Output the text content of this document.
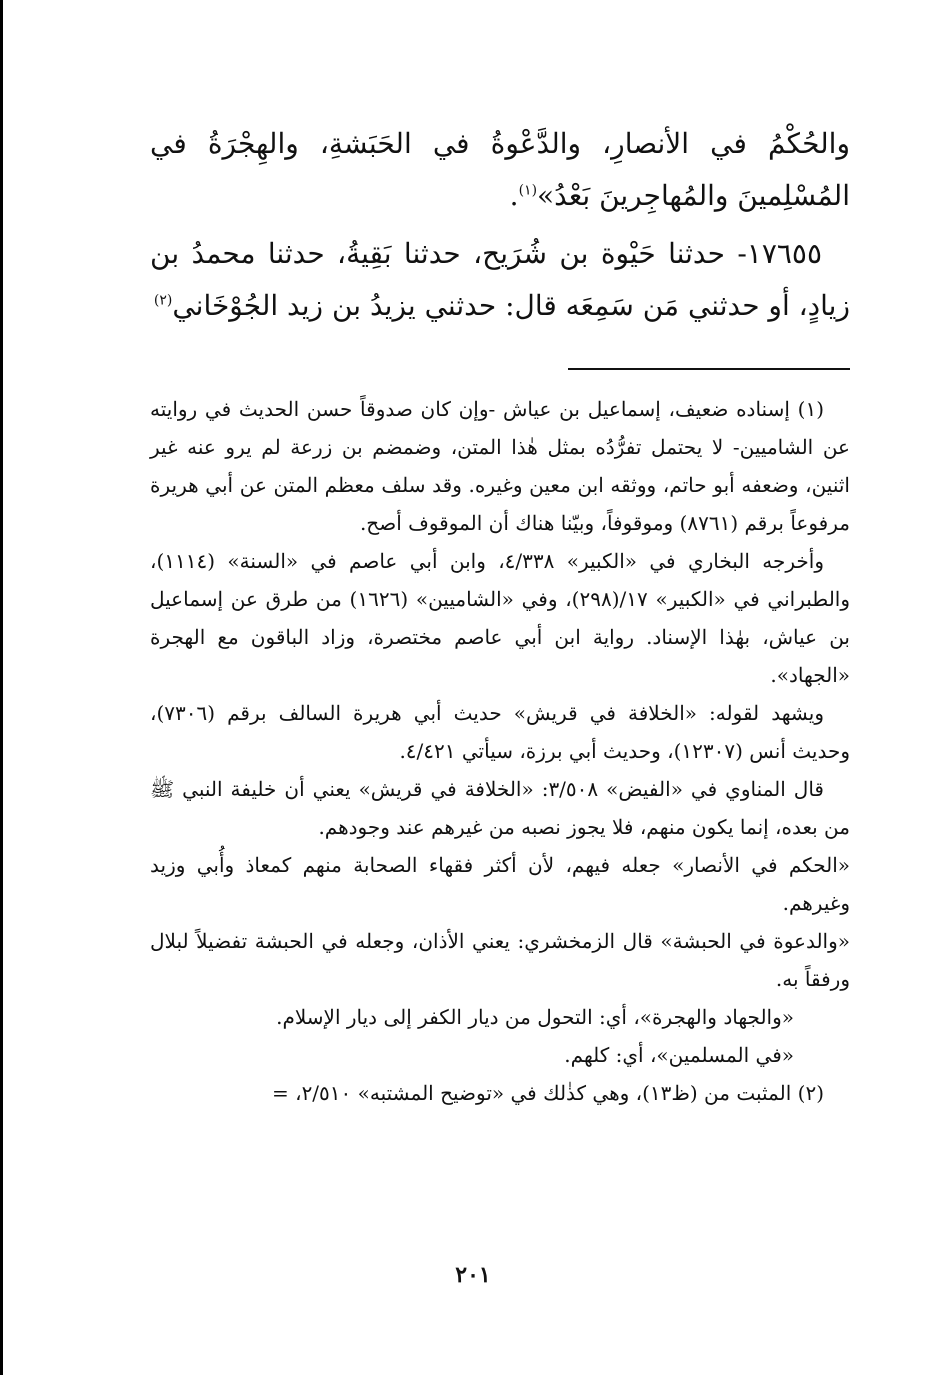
والحُكْمُ في الأنصارِ، والدَّعْوةُ في الحَبَشةِ، والهِجْرَةُ في المُسْلِمينَ والمُهاجِرينَ بَعْدُ»$^{(١)}$.

١٧٦٥٥- حدثنا حَيْوة بن شُرَيح، حدثنا بَقِيةُ، حدثنا محمدُ بن زيادٍ، أو حدثني مَن سَمِعَه قال: حدثني يزيدُ بن زيد الجُوْخَاني$^{(٢)}$

(١) إسناده ضعيف، إسماعيل بن عياش -وإن كان صدوقاً حسن الحديث في روايته عن الشاميين- لا يحتمل تفرُّدُه بمثل هٰذا المتن، وضمضم بن زرعة لم يرو عنه غير اثنين، وضعفه أبو حاتم، ووثقه ابن معين وغيره. وقد سلف معظم المتن عن أبي هريرة مرفوعاً برقم (٨٧٦١) وموقوفاً، وبيّنا هناك أن الموقوف أصح.

وأخرجه البخاري في «الكبير» ٤/٣٣٨، وابن أبي عاصم في «السنة» (١١١٤)، والطبراني في «الكبير» ١٧/(٢٩٨)، وفي «الشاميين» (١٦٢٦) من طرق عن إسماعيل بن عياش، بهٰذا الإسناد. رواية ابن أبي عاصم مختصرة، وزاد الباقون مع الهجرة «الجهاد».

ويشهد لقوله: «الخلافة في قريش» حديث أبي هريرة السالف برقم (٧٣٠٦)، وحديث أنس (١٢٣٠٧)، وحديث أبي برزة، سيأتي ٤/٤٢١.

قال المناوي في «الفيض» ٣/٥٠٨: «الخلافة في قريش» يعني أن خليفة النبي ﷺ من بعده، إنما يكون منهم، فلا يجوز نصبه من غيرهم عند وجودهم.

«الحكم في الأنصار» جعله فيهم، لأن أكثر فقهاء الصحابة منهم كمعاذ وأُبي وزيد وغيرهم.

«والدعوة في الحبشة» قال الزمخشري: يعني الأذان، وجعله في الحبشة تفضيلاً لبلال ورفقاً به.

«والجهاد والهجرة»، أي: التحول من ديار الكفر إلى ديار الإسلام.

«في المسلمين»، أي: كلهم.

(٢) المثبت من (ظ١٣)، وهي كذٰلك في «توضيح المشتبه» ٢/٥١٠، =

٢٠١
